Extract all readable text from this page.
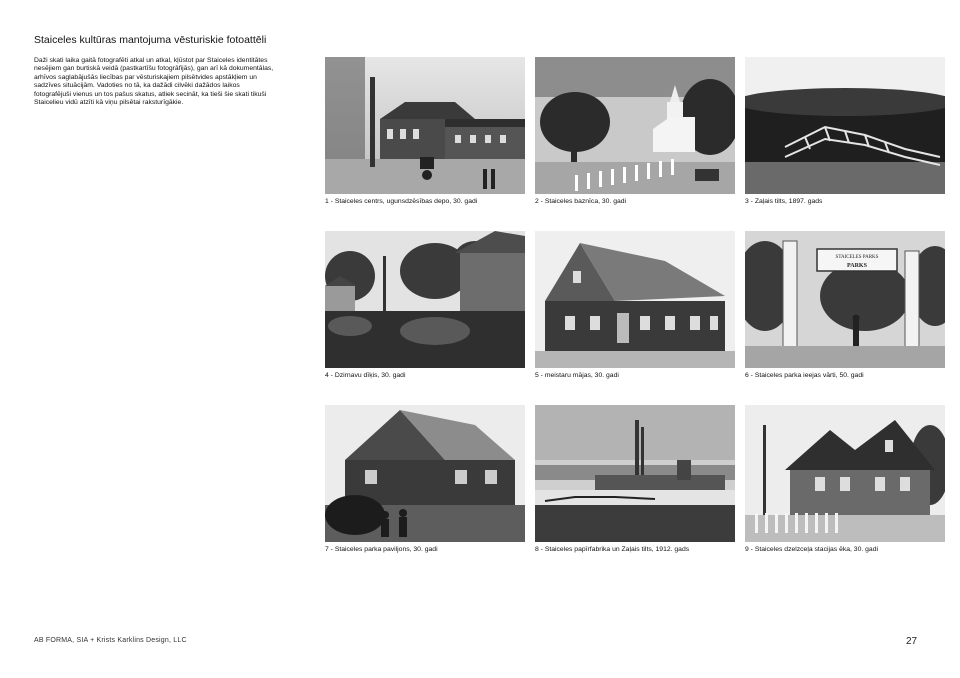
Staiceles kultūras mantojuma vēsturiskie fotoattēli

Daži skati laika gaitā fotografēti atkal un atkal, kļūstot par Staiceles identitātes nesējiem gan burtiskā veidā (pastkartīšu fotogrāfijās), gan arī kā dokumentālas, arhīvos saglabājušās liecības par vēsturiskajiem pilsētvides apstākļiem un sadzīves situācijām. Vadoties no tā, ka dažādi cilvēki dažādos laikos fotografējuši vienus un tos pašus skatus, atliek secināt, ka tieši šie skati tikuši Staicelieu vidū atzīti kā viņu pilsētai raksturīgākie.

1 - Staiceles centrs, ugunsdzēsības depo, 30. gadi	2 - Staiceles baznīca, 30. gadi	3 - Zaļais tilts, 1897. gads
4 - Dzirnavu dīķis, 30. gadi	5 - meistaru mājas, 30. gadi
STAICELES PARKS
PARKS
6 - Staiceles parka ieejas vārti, 50. gadi
7 - Staiceles parka paviljons, 30. gadi	8 - Staiceles papīrfabrika un Zaļais tilts, 1912. gads	9 - Staiceles dzelzceļa stacijas ēka, 30. gadi
AB FORMA, SIA + Krists Karklins Design, LLC	27
